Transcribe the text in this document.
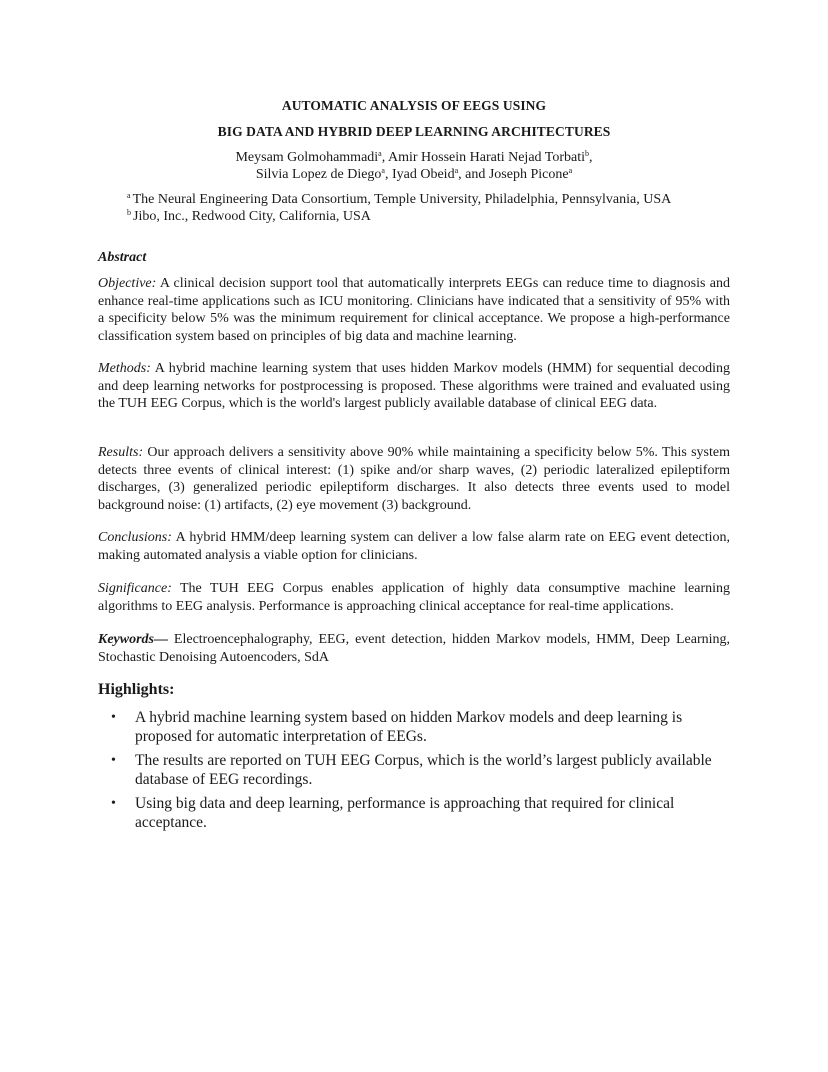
AUTOMATIC ANALYSIS OF EEGS USING
BIG DATA AND HYBRID DEEP LEARNING ARCHITECTURES
Meysam Golmohammadi$^a$, Amir Hossein Harati Nejad Torbati$^b$,
Silvia Lopez de Diego$^a$, Iyad Obeid$^a$, and Joseph Picone$^a$
$^a$ The Neural Engineering Data Consortium, Temple University, Philadelphia, Pennsylvania, USA
$^b$ Jibo, Inc., Redwood City, California, USA
Abstract
Objective: A clinical decision support tool that automatically interprets EEGs can reduce time to diagnosis and enhance real-time applications such as ICU monitoring. Clinicians have indicated that a sensitivity of 95% with a specificity below 5% was the minimum requirement for clinical acceptance. We propose a high-performance classification system based on principles of big data and machine learning.
Methods: A hybrid machine learning system that uses hidden Markov models (HMM) for sequential decoding and deep learning networks for postprocessing is proposed. These algorithms were trained and evaluated using the TUH EEG Corpus, which is the world's largest publicly available database of clinical EEG data.
Results: Our approach delivers a sensitivity above 90% while maintaining a specificity below 5%. This system detects three events of clinical interest: (1) spike and/or sharp waves, (2) periodic lateralized epileptiform discharges, (3) generalized periodic epileptiform discharges. It also detects three events used to model background noise: (1) artifacts, (2) eye movement (3) background.
Conclusions: A hybrid HMM/deep learning system can deliver a low false alarm rate on EEG event detection, making automated analysis a viable option for clinicians.
Significance: The TUH EEG Corpus enables application of highly data consumptive machine learning algorithms to EEG analysis. Performance is approaching clinical acceptance for real-time applications.
Keywords— Electroencephalography, EEG, event detection, hidden Markov models, HMM, Deep Learning, Stochastic Denoising Autoencoders, SdA
Highlights:
• A hybrid machine learning system based on hidden Markov models and deep learning is proposed for automatic interpretation of EEGs.
• The results are reported on TUH EEG Corpus, which is the world’s largest publicly available database of EEG recordings.
• Using big data and deep learning, performance is approaching that required for clinical acceptance.
